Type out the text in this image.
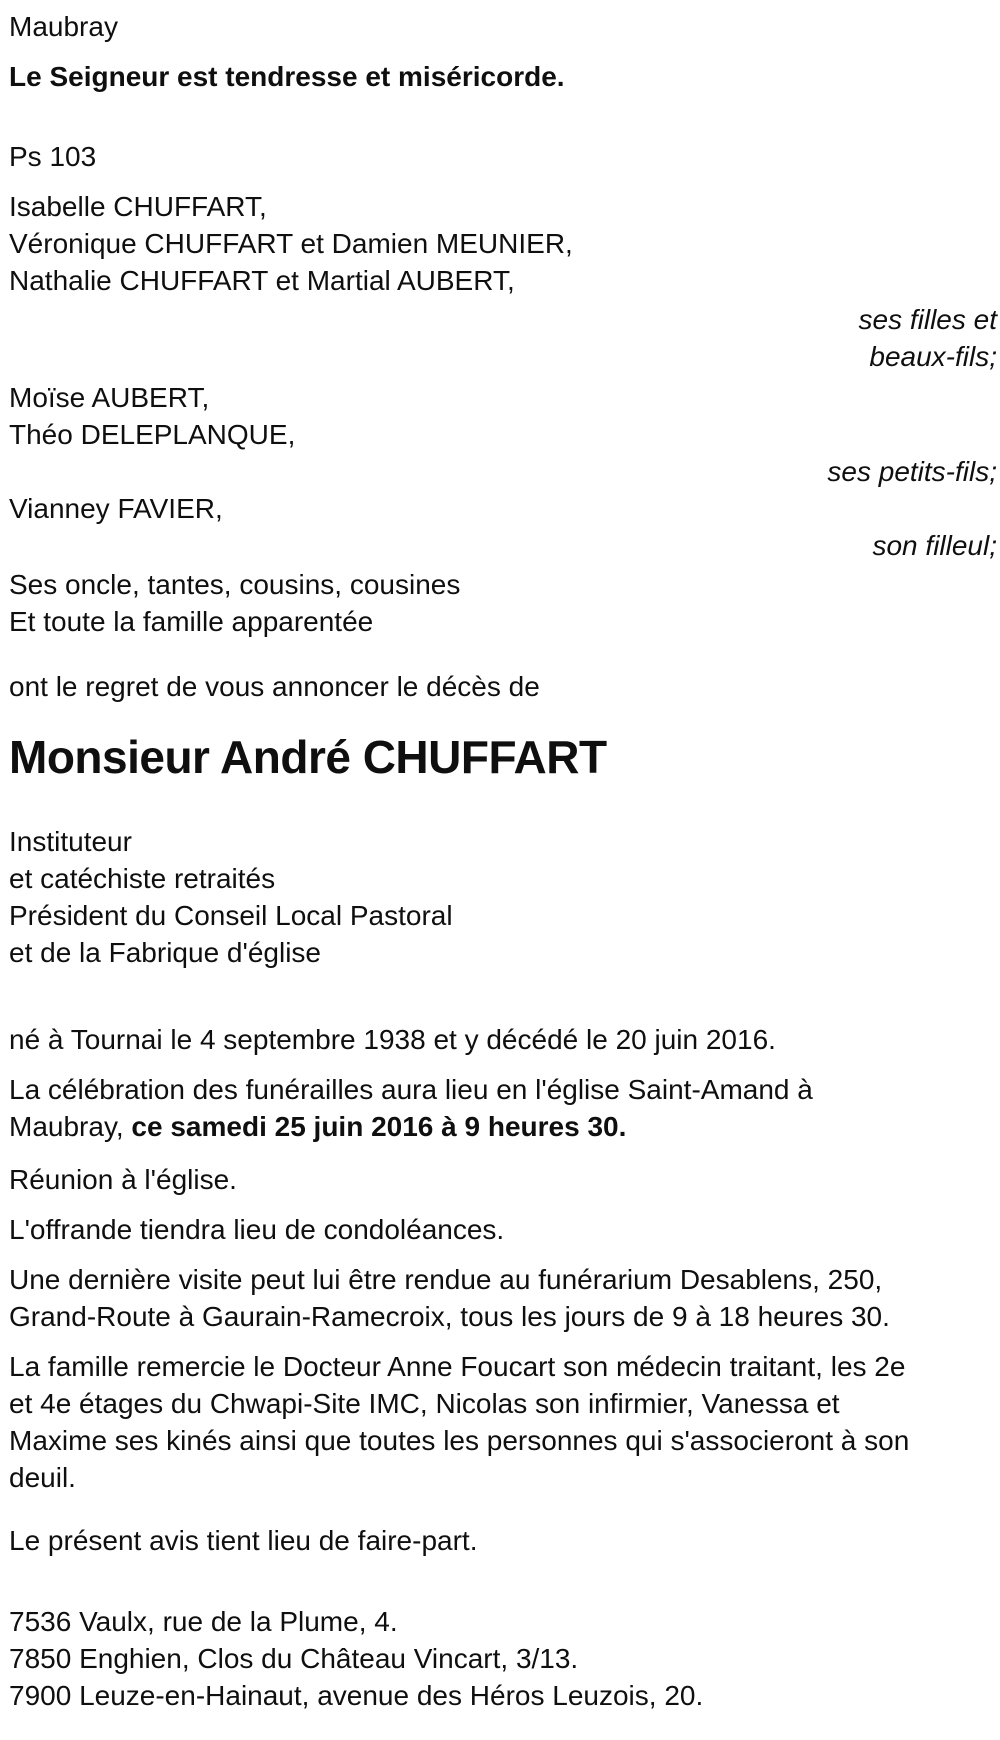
Maubray
Le Seigneur est tendresse et miséricorde.
Ps 103
Isabelle CHUFFART,
Véronique CHUFFART et Damien MEUNIER,
Nathalie CHUFFART et Martial AUBERT,
ses filles et
beaux-fils;
Moïse AUBERT,
Théo DELEPLANQUE,
ses petits-fils;
Vianney FAVIER,
son filleul;
Ses oncle, tantes, cousins, cousines
Et toute la famille apparentée
ont le regret de vous annoncer le décès de
Monsieur André CHUFFART
Instituteur
et catéchiste retraités
Président du Conseil Local Pastoral
et de la Fabrique d'église
né à Tournai le 4 septembre 1938 et y décédé le 20 juin 2016.
La célébration des funérailles aura lieu en l'église Saint-Amand à
Maubray, ce samedi 25 juin 2016 à 9 heures 30.
Réunion à l'église.
L'offrande tiendra lieu de condoléances.
Une dernière visite peut lui être rendue au funérarium Desablens, 250,
Grand-Route à Gaurain-Ramecroix, tous les jours de 9 à 18 heures 30.
La famille remercie le Docteur Anne Foucart son médecin traitant, les 2e
et 4e étages du Chwapi-Site IMC, Nicolas son infirmier, Vanessa et
Maxime ses kinés ainsi que toutes les personnes qui s'associeront à son
deuil.
Le présent avis tient lieu de faire-part.
7536 Vaulx, rue de la Plume, 4.
7850 Enghien, Clos du Château Vincart, 3/13.
7900 Leuze-en-Hainaut, avenue des Héros Leuzois, 20.
